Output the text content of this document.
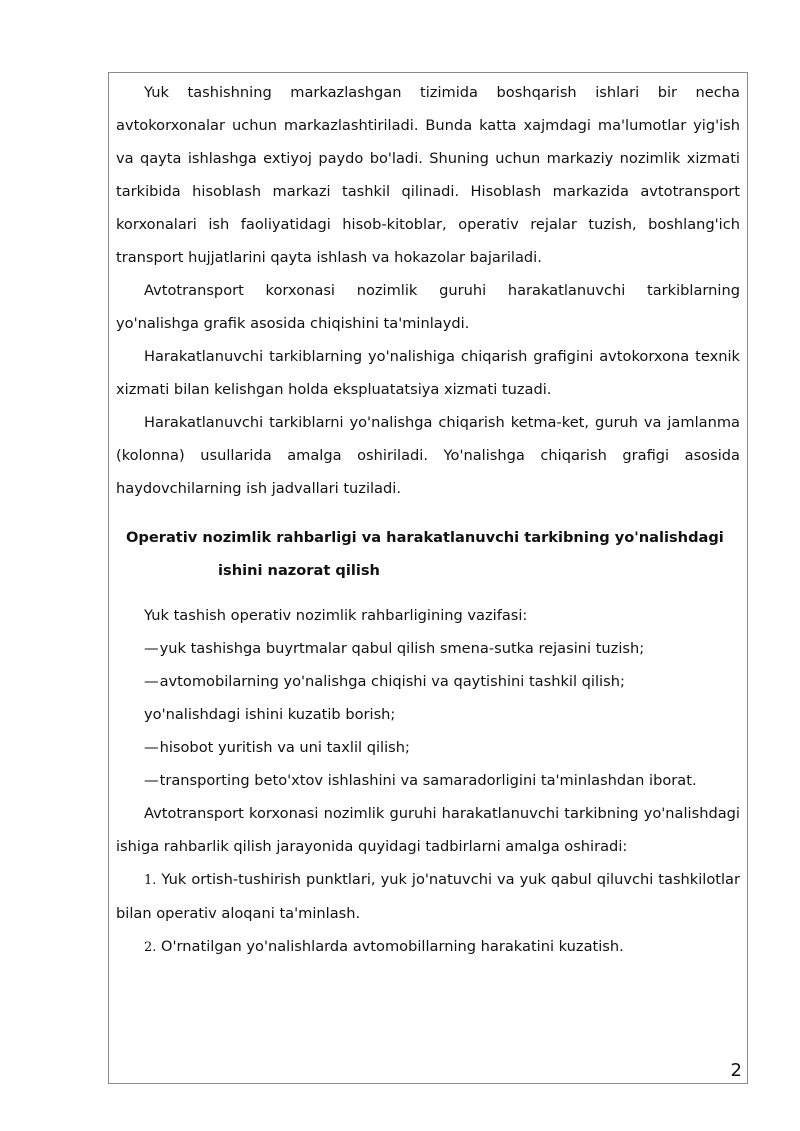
Yuk tashishning markazlashgan tizimida boshqarish ishlari bir necha avtokorxonalar uchun markazlashtiriladi. Bunda katta xajmdagi ma'lumotlar yig'ish va qayta ishlashga extiyoj paydo bo'ladi. Shuning uchun markaziy nozimlik xizmati tarkibida hisoblash markazi tashkil qilinadi. Hisoblash markazida avtotransport korxonalari ish faoliyatidagi hisob-kitoblar, operativ rejalar tuzish, boshlang'ich transport hujjatlarini qayta ishlash va hokazolar bajariladi.

Avtotransport korxonasi nozimlik guruhi harakatlanuvchi tarkiblarning yo'nalishga grafik asosida chiqishini ta'minlaydi.

Harakatlanuvchi tarkiblarning yo'nalishiga chiqarish grafigini avtokorxona texnik xizmati bilan kelishgan holda ekspluatatsiya xizmati tuzadi.

Harakatlanuvchi tarkiblarni yo'nalishga chiqarish ketma-ket, guruh va jamlanma (kolonna) usullarida amalga oshiriladi. Yo'nalishga chiqarish grafigi asosida haydovchilarning ish jadvallari tuziladi.

Operativ nozimlik rahbarligi va harakatlanuvchi tarkibning yo'nalishdagi
ishini nazorat qilish

Yuk tashish operativ nozimlik rahbarligining vazifasi:

— yuk tashishga buyrtmalar qabul qilish smena-sutka rejasini tuzish;

— avtomobilarning yo'nalishga chiqishi va qaytishini tashkil qilish;

yo'nalishdagi ishini kuzatib borish;

— hisobot yuritish va uni taxlil qilish;

— transporting beto'xtov ishlashini va samaradorligini ta'minlashdan iborat.

Avtotransport korxonasi nozimlik guruhi harakatlanuvchi tarkibning yo'nalishdagi ishiga rahbarlik qilish jarayonida quyidagi tadbirlarni amalga oshiradi:

1. Yuk ortish-tushirish punktlari, yuk jo'natuvchi va yuk qabul qiluvchi tashkilotlar bilan operativ aloqani ta'minlash.

2. O'rnatilgan yo'nalishlarda avtomobillarning harakatini kuzatish.

2
